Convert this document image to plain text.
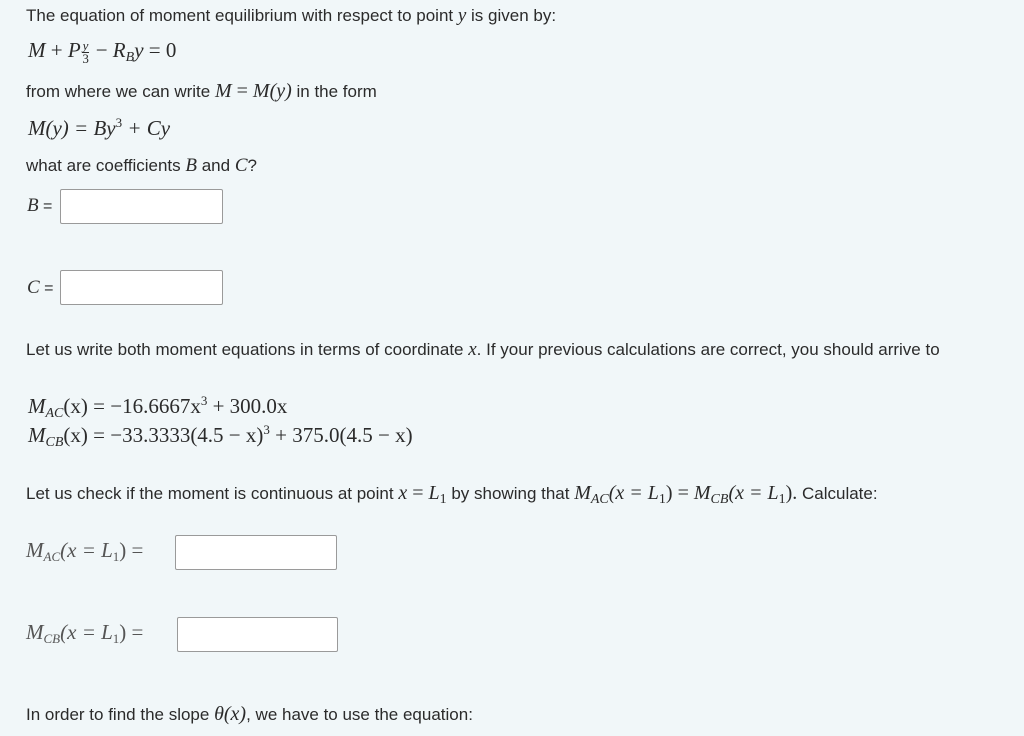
The equation of moment equilibrium with respect to point y is given by:
M + P $\frac{y}{3} - R_By = 0$
from where we can write M = M(y) in the form
$M(y) = By^3 + Cy$
what are coefficients B and C?
B =
C =
Let us write both moment equations in terms of coordinate x. If your previous calculations are correct, you should arrive to
$M_{AC}(x) = -16.6667x^3 + 300.0x$
$M_{CB}(x) = -33.3333(4.5 - x)^3 + 375.0(4.5 - x)$
Let us check if the moment is continuous at point $x = L_1$ by showing that $M_{AC}(x = L_1) = M_{CB}(x = L_1)$. Calculate:
$M_{AC}(x = L_1)$ =
$M_{CB}(x = L_1)$ =
In order to find the slope θ(x), we have to use the equation:
